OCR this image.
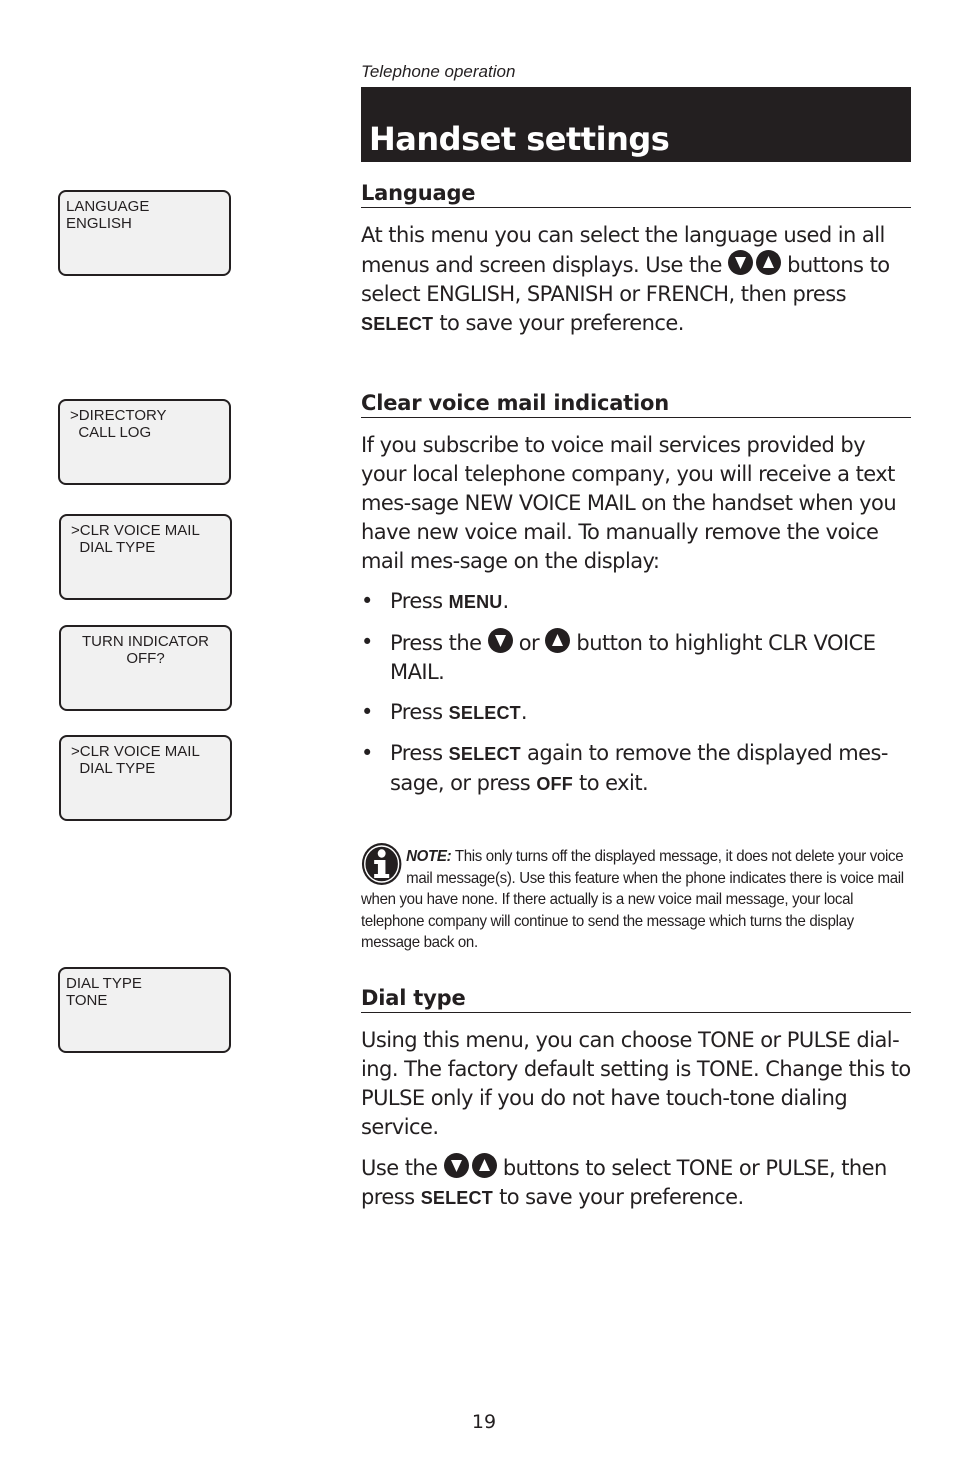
Telephone operation
Handset settings
LANGUAGE
ENGLISH
>DIRECTORY
CALL LOG
>CLR VOICE MAIL
DIAL TYPE
TURN INDICATOR
OFF?
>CLR VOICE MAIL
DIAL TYPE
DIAL TYPE
TONE
Language

At this menu you can select the language used in all menus and screen displays. Use the	buttons to select ENGLISH, SPANISH or FRENCH, then press SELECT to save your preference.

Clear voice mail indication

If you subscribe to voice mail services provided by your local telephone company, you will receive a text mes-sage NEW VOICE MAIL on the handset when you have new voice mail. To manually remove the voice mail mes-sage on the display:

• Press MENU.
• Press the or button to highlight CLR VOICE MAIL.
• Press SELECT.
• Press SELECT again to remove the displayed mes-sage, or press OFF to exit.
NOTE: This only turns off the displayed message, it does not delete your voice mail message(s). Use this feature when the phone indicates there is voice mail when you have none. If there actually is a new voice mail message, your local telephone company will continue to send the message which turns the display message back on.
Dial type

Using this menu, you can choose TONE or PULSE dial-ing. The factory default setting is TONE. Change this to PULSE only if you do not have touch-tone dialing service.

Use the	buttons to select TONE or PULSE, then press SELECT to save your preference.

19
